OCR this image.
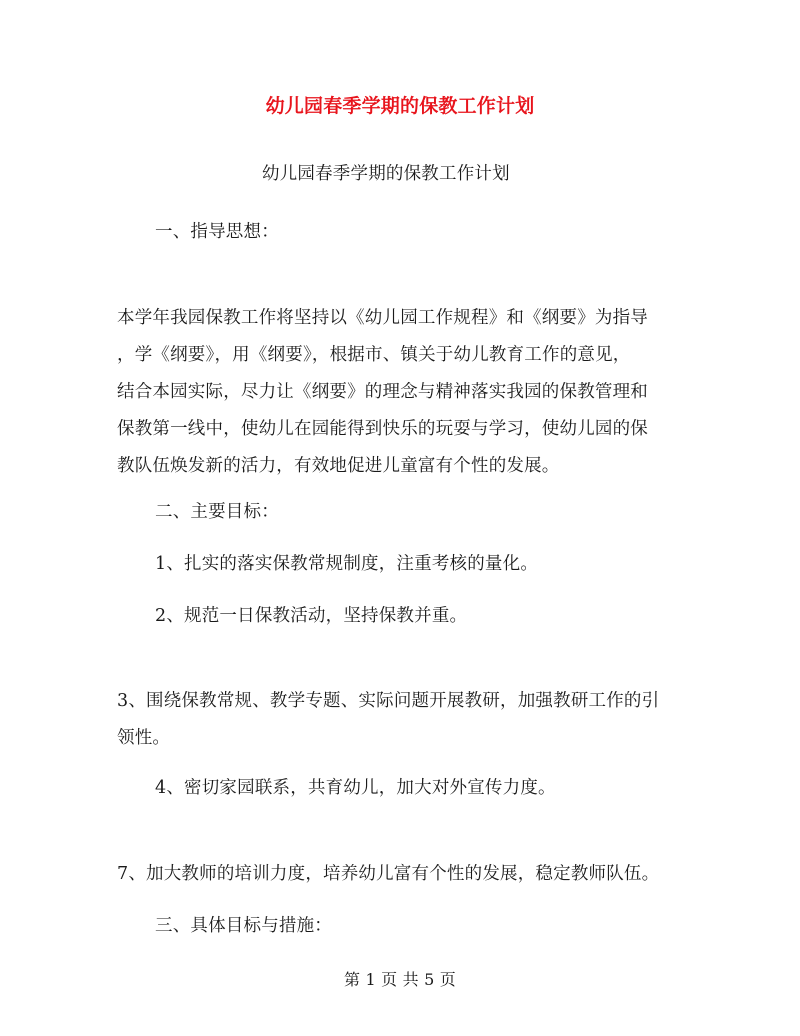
幼儿园春季学期的保教工作计划
幼儿园春季学期的保教工作计划
一、指导思想：
本学年我园保教工作将坚持以《幼儿园工作规程》和《纲要》为指导
，学《纲要》，用《纲要》，根据市、镇关于幼儿教育工作的意见，
结合本园实际，尽力让《纲要》的理念与精神落实我园的保教管理和
保教第一线中，使幼儿在园能得到快乐的玩耍与学习，使幼儿园的保
教队伍焕发新的活力，有效地促进儿童富有个性的发展。
二、主要目标：
1、扎实的落实保教常规制度，注重考核的量化。
2、规范一日保教活动，坚持保教并重。
3、围绕保教常规、教学专题、实际问题开展教研，加强教研工作的引
领性。
4、密切家园联系，共育幼儿，加大对外宣传力度。
7、加大教师的培训力度，培养幼儿富有个性的发展，稳定教师队伍。
三、具体目标与措施：
第 1 页 共 5 页
